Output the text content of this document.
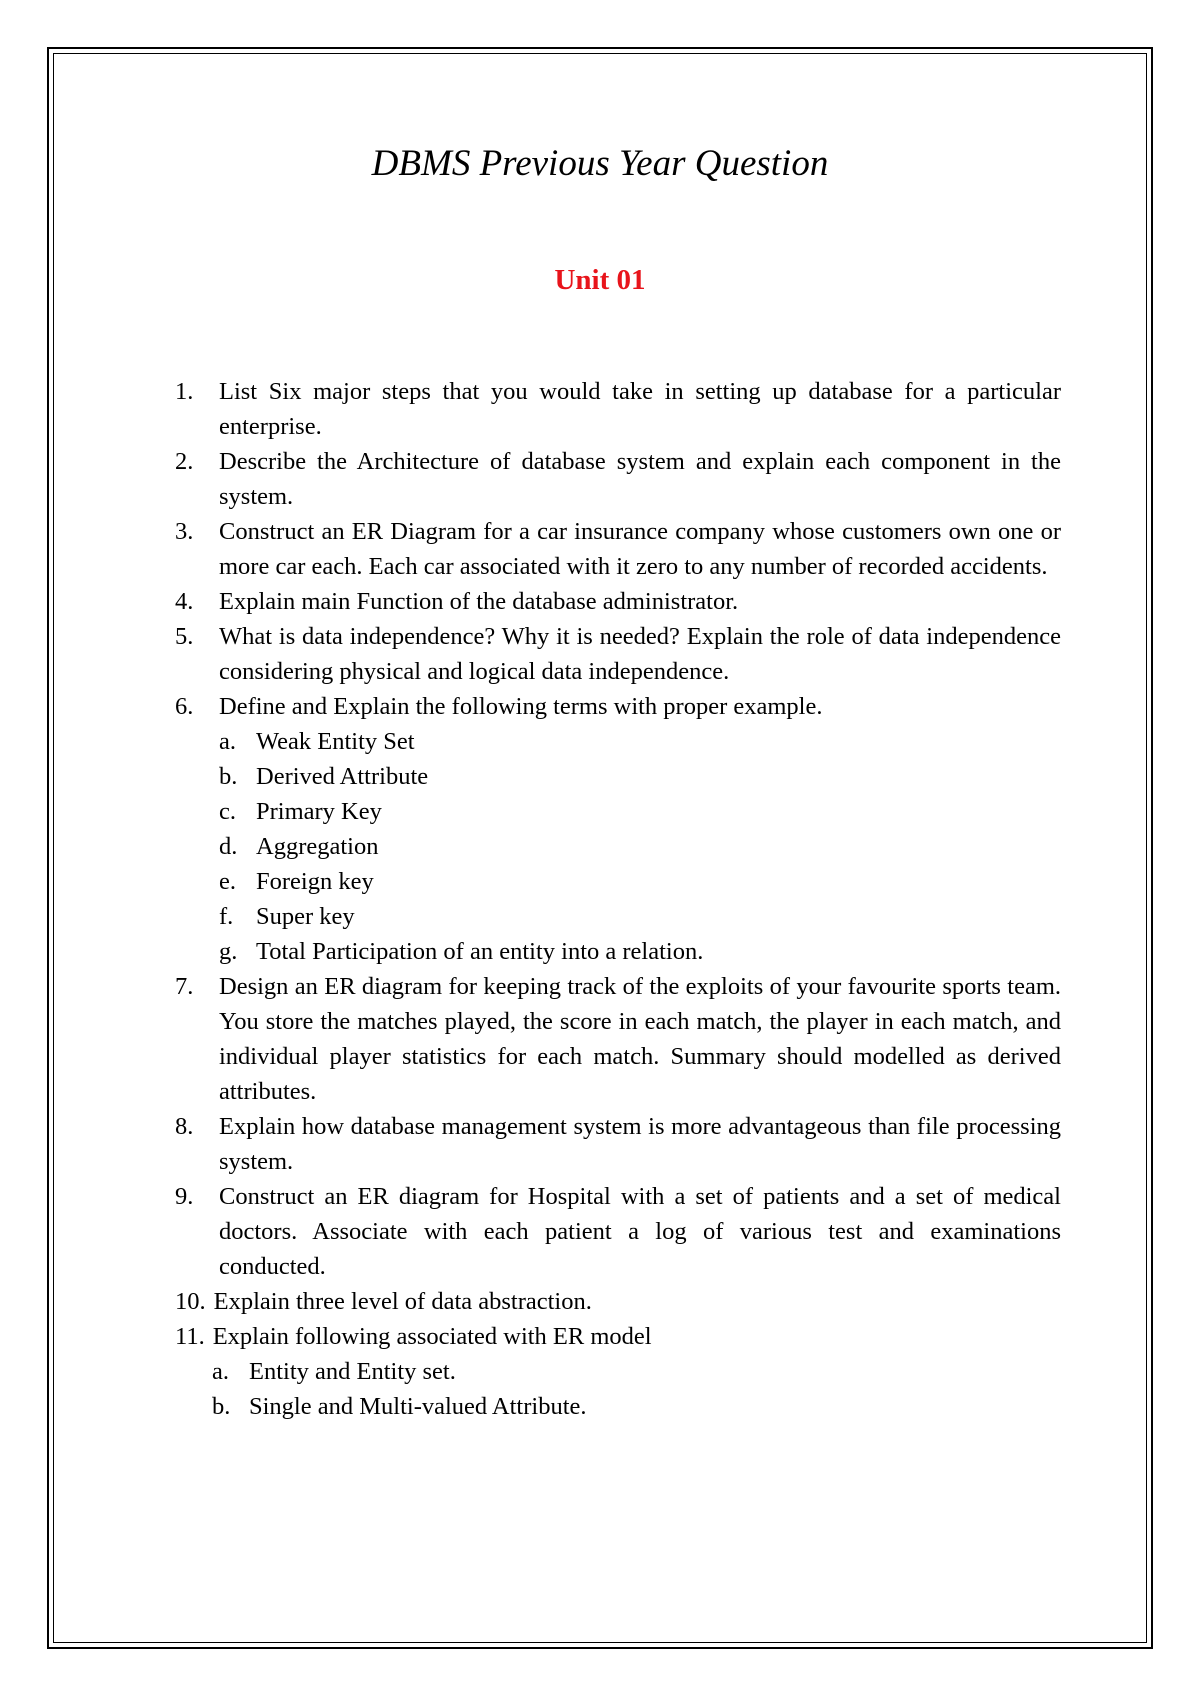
DBMS Previous Year Question
Unit 01
1. List Six major steps that you would take in setting up database for a particular enterprise.
2. Describe the Architecture of database system and explain each component in the system.
3. Construct an ER Diagram for a car insurance company whose customers own one or more car each. Each car associated with it zero to any number of recorded accidents.
4. Explain main Function of the database administrator.
5. What is data independence? Why it is needed? Explain the role of data independence considering physical and logical data independence.
6. Define and Explain the following terms with proper example.
a. Weak Entity Set
b. Derived Attribute
c. Primary Key
d. Aggregation
e. Foreign key
f. Super key
g. Total Participation of an entity into a relation.
7. Design an ER diagram for keeping track of the exploits of your favourite sports team. You store the matches played, the score in each match, the player in each match, and individual player statistics for each match. Summary should modelled as derived attributes.
8. Explain how database management system is more advantageous than file processing system.
9. Construct an ER diagram for Hospital with a set of patients and a set of medical doctors. Associate with each patient a log of various test and examinations conducted.
10. Explain three level of data abstraction.
11. Explain following associated with ER model
a. Entity and Entity set.
b. Single and Multi-valued Attribute.
